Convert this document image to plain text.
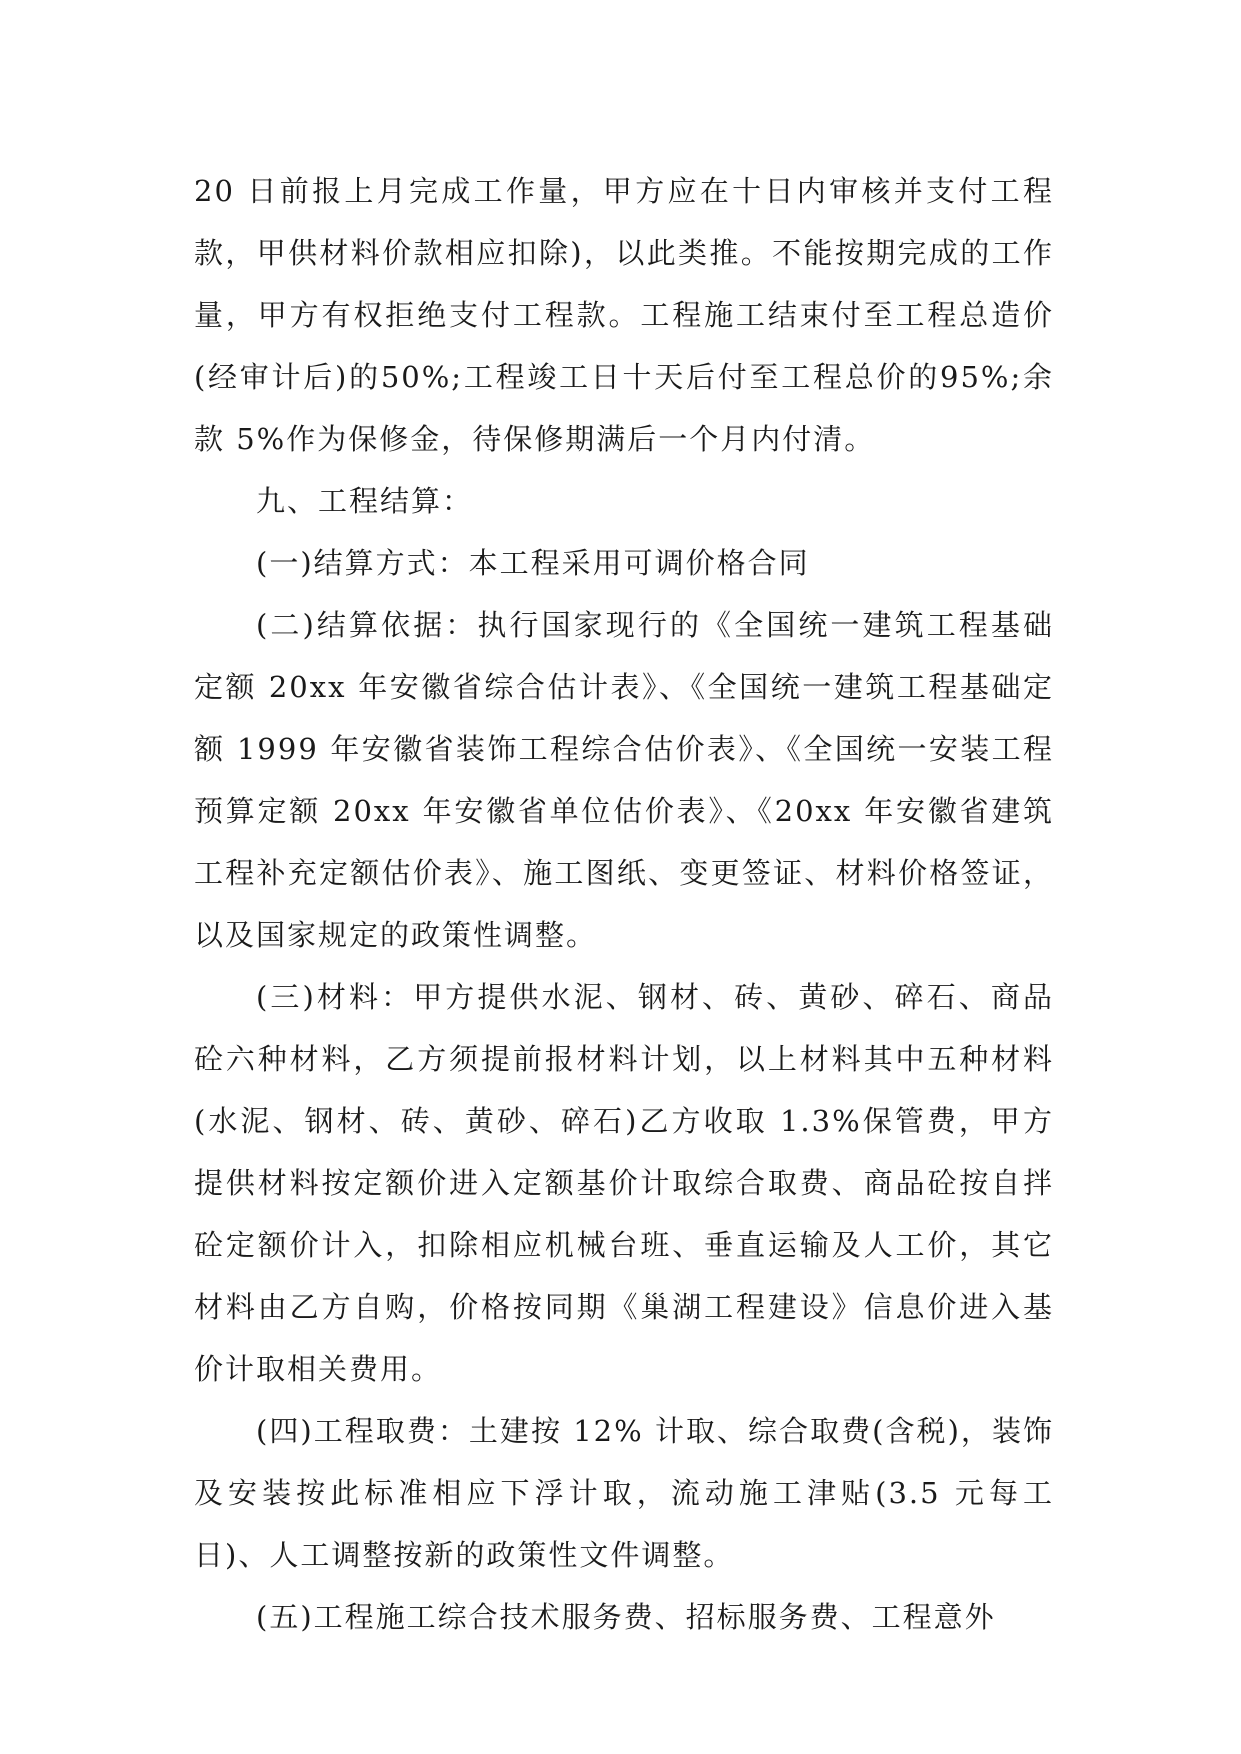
20 日前报上月完成工作量，甲方应在十日内审核并支付工程款，甲供材料价款相应扣除)，以此类推。不能按期完成的工作量，甲方有权拒绝支付工程款。工程施工结束付至工程总造价(经审计后)的50%;工程竣工日十天后付至工程总价的95%;余款 5%作为保修金，待保修期满后一个月内付清。

九、工程结算：

(一)结算方式：本工程采用可调价格合同

(二)结算依据：执行国家现行的《全国统一建筑工程基础定额 20xx 年安徽省综合估计表》、《全国统一建筑工程基础定额 1999 年安徽省装饰工程综合估价表》、《全国统一安装工程预算定额 20xx 年安徽省单位估价表》、《20xx 年安徽省建筑工程补充定额估价表》、施工图纸、变更签证、材料价格签证，以及国家规定的政策性调整。

(三)材料：甲方提供水泥、钢材、砖、黄砂、碎石、商品砼六种材料，乙方须提前报材料计划，以上材料其中五种材料(水泥、钢材、砖、黄砂、碎石)乙方收取 1.3%保管费，甲方提供材料按定额价进入定额基价计取综合取费、商品砼按自拌砼定额价计入，扣除相应机械台班、垂直运输及人工价，其它材料由乙方自购，价格按同期《巢湖工程建设》信息价进入基价计取相关费用。

(四)工程取费：土建按 12% 计取、综合取费(含税)，装饰及安装按此标准相应下浮计取，流动施工津贴(3.5 元每工日)、人工调整按新的政策性文件调整。

(五)工程施工综合技术服务费、招标服务费、工程意外
